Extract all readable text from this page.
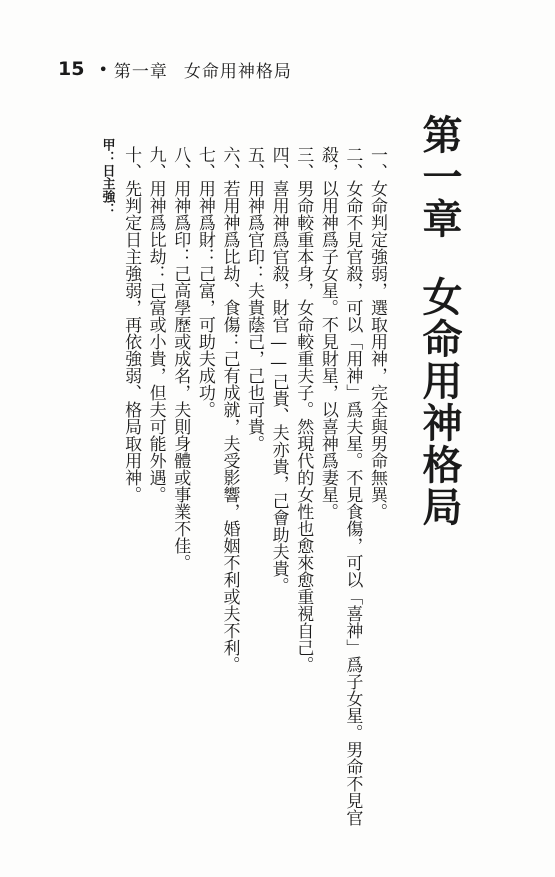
15 • 第一章 女命用神格局
第一章女命用神格局

一、女命判定強弱，選取用神，完全與男命無異。

二、女命不見官殺，可以「用神」爲夫星。不見食傷，可以「喜神」爲子女星。男命不見官殺，以用神爲子女星。不見財星，以喜神爲妻星。

三、男命較重本身，女命較重夫子。然現代的女性也愈來愈重視自己。

四、喜用神爲官殺，財官——己貴、夫亦貴，己會助夫貴。

五、用神爲官印：夫貴蔭己，己也可貴。

六、若用神爲比劫、食傷：己有成就，夫受影響，婚姻不利或夫不利。

七、用神爲財：己富，可助夫成功。

八、用神爲印：己高學歷或成名，夫則身體或事業不佳。

九、用神爲比劫：己富或小貴，但夫可能外遇。

十、先判定日主強弱，再依強弱、格局取用神。

甲：日主強：
